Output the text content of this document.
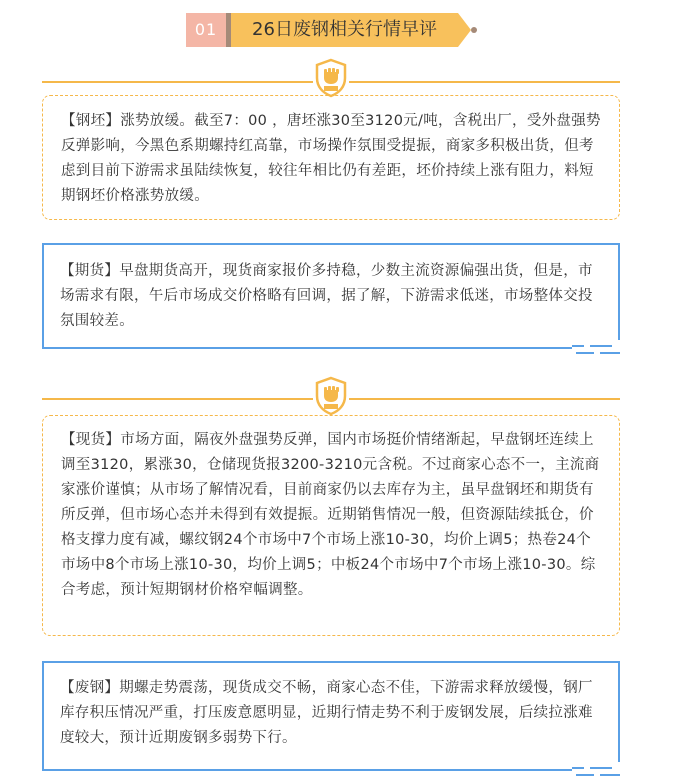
01	26日废钢相关行情早评

【钢坯】涨势放缓。截至7：00 ，唐坯涨30至3120元/吨，含税出厂，受外盘强势反弹影响，今黑色系期螺持红高靠，市场操作氛围受提振，商家多积极出货，但考虑到目前下游需求虽陆续恢复，较往年相比仍有差距，坯价持续上涨有阻力，料短期钢坯价格涨势放缓。

【期货】早盘期货高开，现货商家报价多持稳，少数主流资源偏强出货，但是，市场需求有限，午后市场成交价格略有回调，据了解，下游需求低迷，市场整体交投氛围较差。

【现货】市场方面，隔夜外盘强势反弹，国内市场挺价情绪渐起，早盘钢坯连续上调至3120，累涨30，仓储现货报3200-3210元含税。不过商家心态不一，主流商家涨价谨慎；从市场了解情况看，目前商家仍以去库存为主，虽早盘钢坯和期货有所反弹，但市场心态并未得到有效提振。近期销售情况一般，但资源陆续抵仓，价格支撑力度有减，螺纹钢24个市场中7个市场上涨10-30，均价上调5；热卷24个市场中8个市场上涨10-30，均价上调5；中板24个市场中7个市场上涨10-30。综合考虑，预计短期钢材价格窄幅调整。

【废钢】期螺走势震荡，现货成交不畅，商家心态不佳，下游需求释放缓慢，钢厂库存积压情况严重，打压废意愿明显，近期行情走势不利于废钢发展，后续拉涨难度较大，预计近期废钢多弱势下行。
